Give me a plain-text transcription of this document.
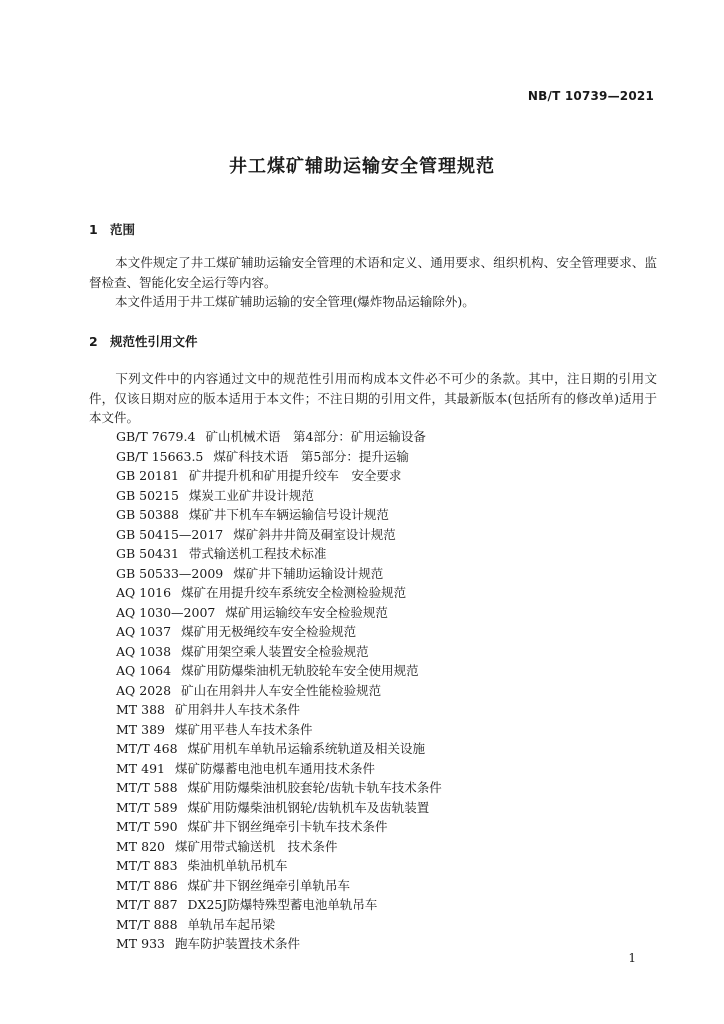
NB/T 10739—2021
井工煤矿辅助运输安全管理规范
1 范围
本文件规定了井工煤矿辅助运输安全管理的术语和定义、通用要求、组织机构、安全管理要求、监督检查、智能化安全运行等内容。
本文件适用于井工煤矿辅助运输的安全管理(爆炸物品运输除外)。
2 规范性引用文件
下列文件中的内容通过文中的规范性引用而构成本文件必不可少的条款。其中，注日期的引用文件，仅该日期对应的版本适用于本文件；不注日期的引用文件，其最新版本(包括所有的修改单)适用于本文件。
GB/T 7679.4 矿山机械术语　第4部分：矿用运输设备
GB/T 15663.5 煤矿科技术语　第5部分：提升运输
GB 20181 矿井提升机和矿用提升绞车　安全要求
GB 50215 煤炭工业矿井设计规范
GB 50388 煤矿井下机车车辆运输信号设计规范
GB 50415—2017 煤矿斜井井筒及硐室设计规范
GB 50431 带式输送机工程技术标准
GB 50533—2009 煤矿井下辅助运输设计规范
AQ 1016 煤矿在用提升绞车系统安全检测检验规范
AQ 1030—2007 煤矿用运输绞车安全检验规范
AQ 1037 煤矿用无极绳绞车安全检验规范
AQ 1038 煤矿用架空乘人装置安全检验规范
AQ 1064 煤矿用防爆柴油机无轨胶轮车安全使用规范
AQ 2028 矿山在用斜井人车安全性能检验规范
MT 388 矿用斜井人车技术条件
MT 389 煤矿用平巷人车技术条件
MT/T 468 煤矿用机车单轨吊运输系统轨道及相关设施
MT 491 煤矿防爆蓄电池电机车通用技术条件
MT/T 588 煤矿用防爆柴油机胶套轮/齿轨卡轨车技术条件
MT/T 589 煤矿用防爆柴油机钢轮/齿轨机车及齿轨装置
MT/T 590 煤矿井下钢丝绳牵引卡轨车技术条件
MT 820 煤矿用带式输送机　技术条件
MT/T 883 柴油机单轨吊机车
MT/T 886 煤矿井下钢丝绳牵引单轨吊车
MT/T 887 DX25J防爆特殊型蓄电池单轨吊车
MT/T 888 单轨吊车起吊梁
MT 933 跑车防护装置技术条件
1
